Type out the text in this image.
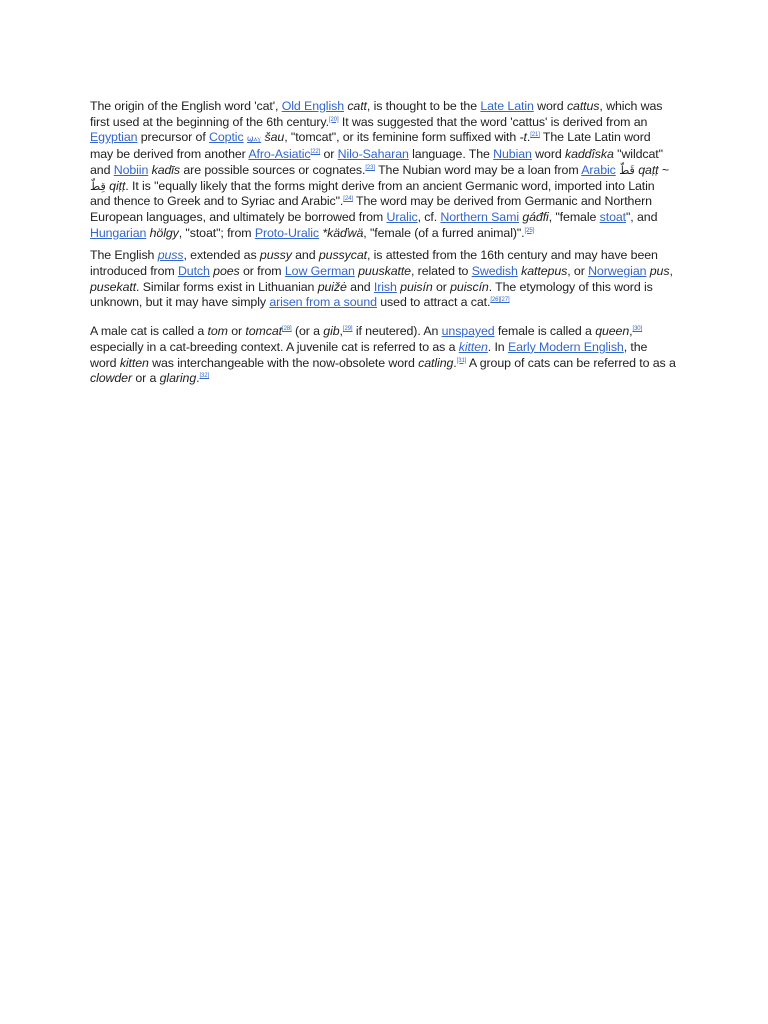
The origin of the English word 'cat', Old English catt, is thought to be the Late Latin word cattus, which was first used at the beginning of the 6th century.[20] It was suggested that the word 'cattus' is derived from an Egyptian precursor of Coptic ϣⲁⲩ šau, "tomcat", or its feminine form suffixed with -t.[21] The Late Latin word may be derived from another Afro-Asiatic[22] or Nilo-Saharan language. The Nubian word kaddîska "wildcat" and Nobiin kadīs are possible sources or cognates.[23] The Nubian word may be a loan from Arabic قَطّ qaṭṭ ~ قِطّ qiṭṭ. It is "equally likely that the forms might derive from an ancient Germanic word, imported into Latin and thence to Greek and to Syriac and Arabic".[24] The word may be derived from Germanic and Northern European languages, and ultimately be borrowed from Uralic, cf. Northern Sami gáđfi, "female stoat", and Hungarian hölgy, "stoat"; from Proto-Uralic *käďwä, "female (of a furred animal)".[25]

The English puss, extended as pussy and pussycat, is attested from the 16th century and may have been introduced from Dutch poes or from Low German puuskatte, related to Swedish kattepus, or Norwegian pus, pusekatt. Similar forms exist in Lithuanian puižė and Irish puisín or puiscín. The etymology of this word is unknown, but it may have simply arisen from a sound used to attract a cat.[26][27]

A male cat is called a tom or tomcat[28] (or a gib,[29] if neutered). An unspayed female is called a queen,[30] especially in a cat-breeding context. A juvenile cat is referred to as a kitten. In Early Modern English, the word kitten was interchangeable with the now-obsolete word catling.[31] A group of cats can be referred to as a clowder or a glaring.[32]
